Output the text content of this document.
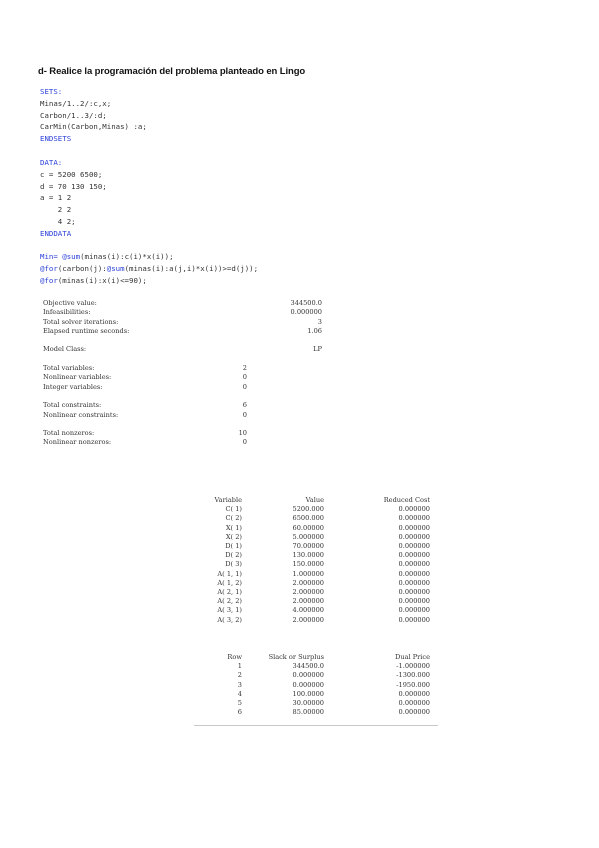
d- Realice la programación del problema planteado en Lingo
SETS:
Minas/1..2/:c,x;
Carbon/1..3/:d;
CarMin(Carbon,Minas) :a;
ENDSETS
DATA:
c = 5200 6500;
d = 70 130 150;
a = 1 2
2 2
4 2;
ENDDATA
Min= @sum(minas(i):c(i)*x(i));
@for(carbon(j):@sum(minas(i):a(j,i)*x(i))>=d(j));
@for(minas(i):x(i)<=90);
Objective value:	344500.0
Infeasibilities:	0.000000
Total solver iterations:	3
Elapsed runtime seconds:	1.06
Model Class:	LP
Total variables:	2
Nonlinear variables:	0
Integer variables:	0
Total constraints:	6
Nonlinear constraints:	0
Total nonzeros:	10
Nonlinear nonzeros:	0
Variable	Value	Reduced Cost
C( 1)	5200.000	0.000000
C( 2)	6500.000	0.000000
X( 1)	60.00000	0.000000
X( 2)	5.000000	0.000000
D( 1)	70.00000	0.000000
D( 2)	130.0000	0.000000
D( 3)	150.0000	0.000000
A( 1, 1)	1.000000	0.000000
A( 1, 2)	2.000000	0.000000
A( 2, 1)	2.000000	0.000000
A( 2, 2)	2.000000	0.000000
A( 3, 1)	4.000000	0.000000
A( 3, 2)	2.000000	0.000000
Row	Slack or Surplus	Dual Price
1	344500.0	-1.000000
2	0.000000	-1300.000
3	0.000000	-1950.000
4	100.0000	0.000000
5	30.00000	0.000000
6	85.00000	0.000000
